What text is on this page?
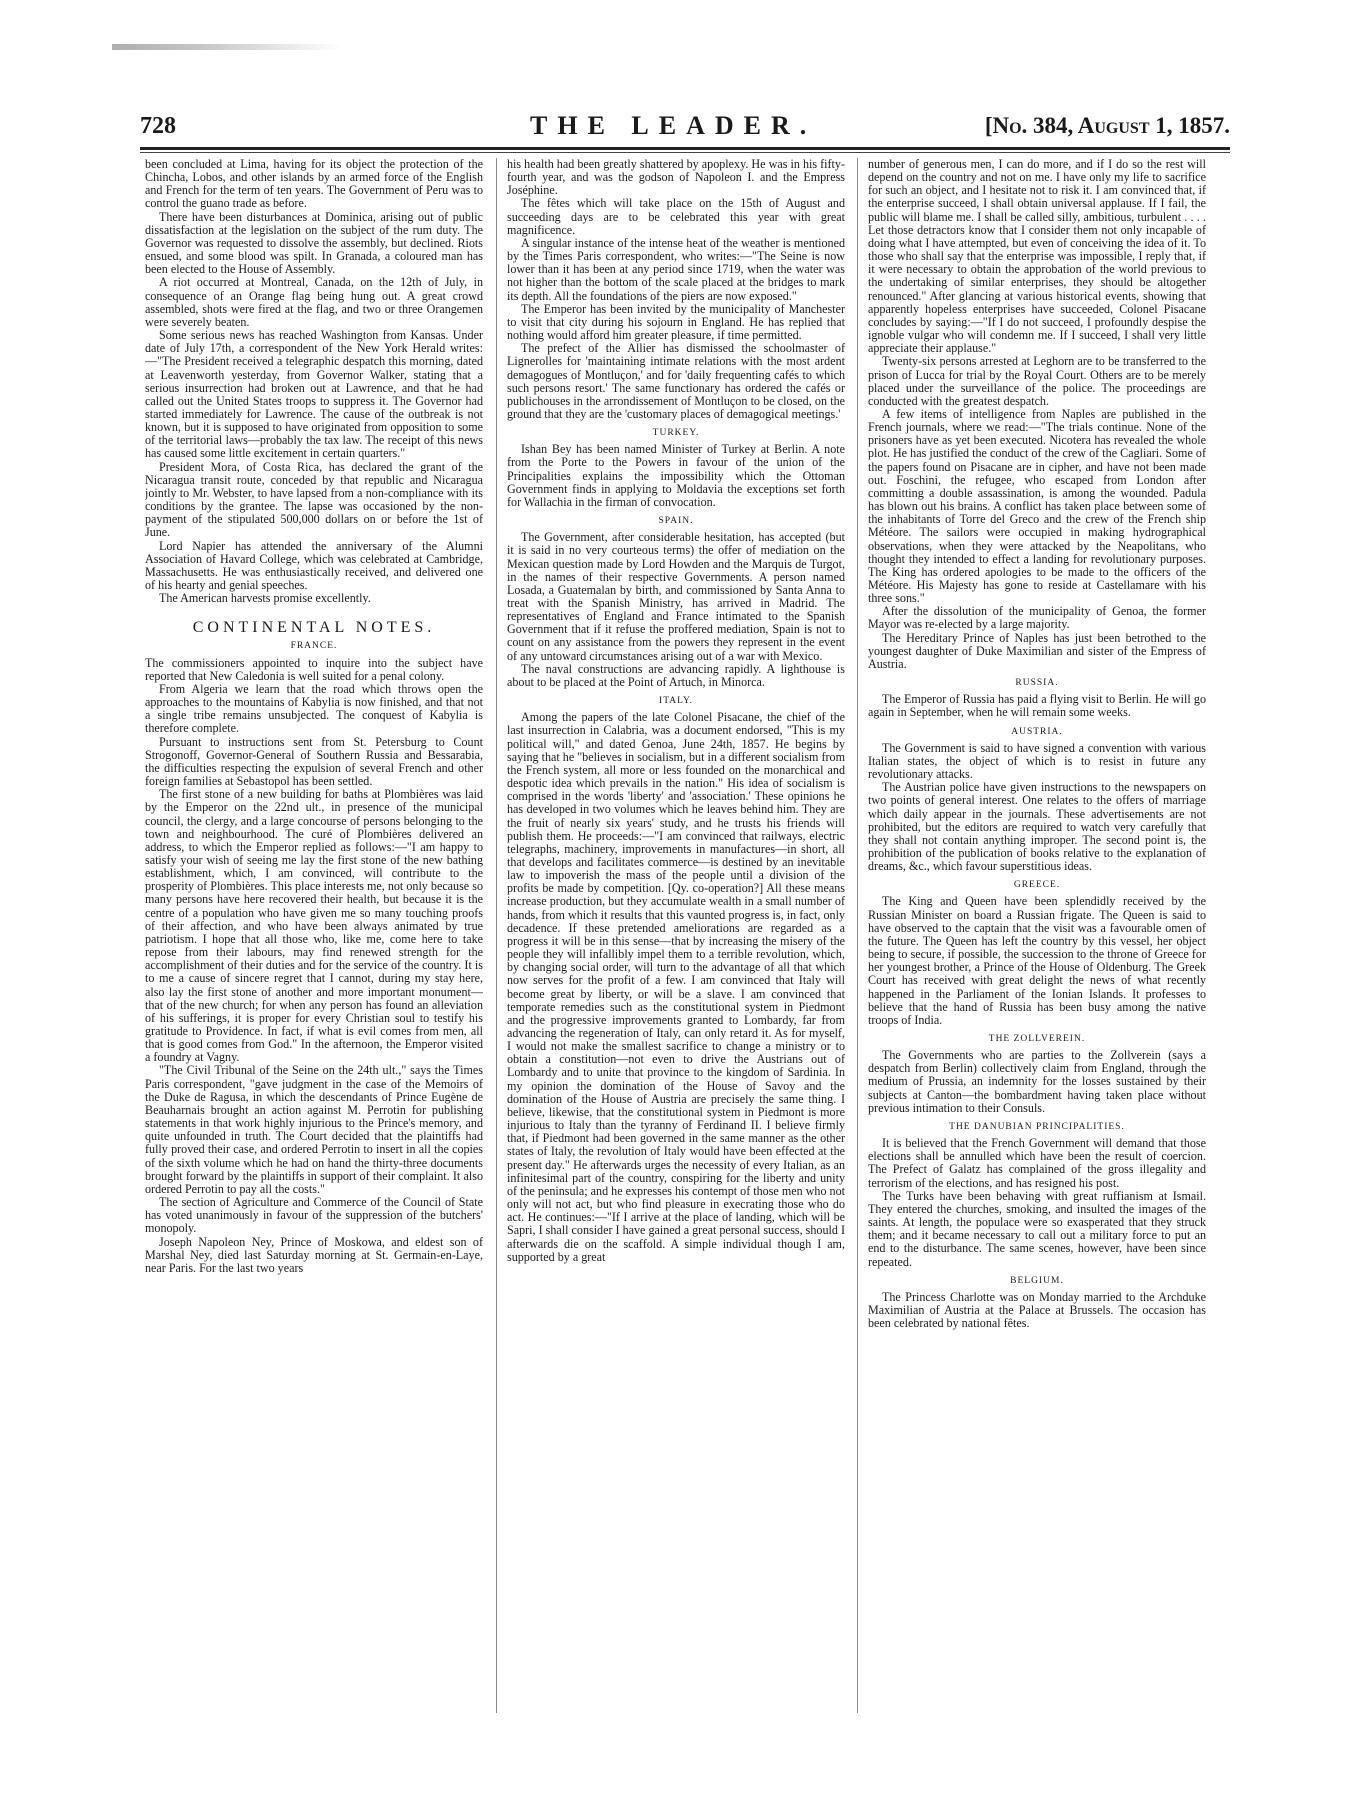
728	THE LEADER.	[No. 384, August 1, 1857.

been concluded at Lima, having for its object the protection of the Chincha, Lobos, and other islands by an armed force of the English and French for the term of ten years. The Government of Peru was to control the guano trade as before.

There have been disturbances at Dominica, arising out of public dissatisfaction at the legislation on the subject of the rum duty. The Governor was requested to dissolve the assembly, but declined. Riots ensued, and some blood was spilt. In Granada, a coloured man has been elected to the House of Assembly.

A riot occurred at Montreal, Canada, on the 12th of July, in consequence of an Orange flag being hung out. A great crowd assembled, shots were fired at the flag, and two or three Orangemen were severely beaten.

Some serious news has reached Washington from Kansas. Under date of July 17th, a correspondent of the New York Herald writes:—"The President received a telegraphic despatch this morning, dated at Leavenworth yesterday, from Governor Walker, stating that a serious insurrection had broken out at Lawrence, and that he had called out the United States troops to suppress it. The Governor had started immediately for Lawrence. The cause of the outbreak is not known, but it is supposed to have originated from opposition to some of the territorial laws—probably the tax law. The receipt of this news has caused some little excitement in certain quarters."

President Mora, of Costa Rica, has declared the grant of the Nicaragua transit route, conceded by that republic and Nicaragua jointly to Mr. Webster, to have lapsed from a non-compliance with its conditions by the grantee. The lapse was occasioned by the non-payment of the stipulated 500,000 dollars on or before the 1st of June.

Lord Napier has attended the anniversary of the Alumni Association of Havard College, which was celebrated at Cambridge, Massachusetts. He was enthusiastically received, and delivered one of his hearty and genial speeches.

The American harvests promise excellently.

CONTINENTAL NOTES.
FRANCE.

The commissioners appointed to inquire into the subject have reported that New Caledonia is well suited for a penal colony.

From Algeria we learn that the road which throws open the approaches to the mountains of Kabylia is now finished, and that not a single tribe remains unsubjected. The conquest of Kabylia is therefore complete.

Pursuant to instructions sent from St. Petersburg to Count Strogonoff, Governor-General of Southern Russia and Bessarabia, the difficulties respecting the expulsion of several French and other foreign families at Sebastopol has been settled.

The first stone of a new building for baths at Plombières was laid by the Emperor on the 22nd ult., in presence of the municipal council, the clergy, and a large concourse of persons belonging to the town and neighbourhood. The curé of Plombières delivered an address, to which the Emperor replied as follows:—"I am happy to satisfy your wish of seeing me lay the first stone of the new bathing establishment, which, I am convinced, will contribute to the prosperity of Plombières. This place interests me, not only because so many persons have here recovered their health, but because it is the centre of a population who have given me so many touching proofs of their affection, and who have been always animated by true patriotism. I hope that all those who, like me, come here to take repose from their labours, may find renewed strength for the accomplishment of their duties and for the service of the country. It is to me a cause of sincere regret that I cannot, during my stay here, also lay the first stone of another and more important monument—that of the new church; for when any person has found an alleviation of his sufferings, it is proper for every Christian soul to testify his gratitude to Providence. In fact, if what is evil comes from men, all that is good comes from God." In the afternoon, the Emperor visited a foundry at Vagny.

"The Civil Tribunal of the Seine on the 24th ult.," says the Times Paris correspondent, "gave judgment in the case of the Memoirs of the Duke de Ragusa, in which the descendants of Prince Eugène de Beauharnais brought an action against M. Perrotin for publishing statements in that work highly injurious to the Prince's memory, and quite unfounded in truth. The Court decided that the plaintiffs had fully proved their case, and ordered Perrotin to insert in all the copies of the sixth volume which he had on hand the thirty-three documents brought forward by the plaintiffs in support of their complaint. It also ordered Perrotin to pay all the costs."

The section of Agriculture and Commerce of the Council of State has voted unanimously in favour of the suppression of the butchers' monopoly.

Joseph Napoleon Ney, Prince of Moskowa, and eldest son of Marshal Ney, died last Saturday morning at St. Germain-en-Laye, near Paris. For the last two years

his health had been greatly shattered by apoplexy. He was in his fifty-fourth year, and was the godson of Napoleon I. and the Empress Joséphine.

The fêtes which will take place on the 15th of August and succeeding days are to be celebrated this year with great magnificence.

A singular instance of the intense heat of the weather is mentioned by the Times Paris correspondent, who writes:—"The Seine is now lower than it has been at any period since 1719, when the water was not higher than the bottom of the scale placed at the bridges to mark its depth. All the foundations of the piers are now exposed."

The Emperor has been invited by the municipality of Manchester to visit that city during his sojourn in England. He has replied that nothing would afford him greater pleasure, if time permitted.

The prefect of the Allier has dismissed the schoolmaster of Lignerolles for 'maintaining intimate relations with the most ardent demagogues of Montluçon,' and for 'daily frequenting cafés to which such persons resort.' The same functionary has ordered the cafés or publichouses in the arrondissement of Montluçon to be closed, on the ground that they are the 'customary places of demagogical meetings.'

TURKEY.

Ishan Bey has been named Minister of Turkey at Berlin. A note from the Porte to the Powers in favour of the union of the Principalities explains the impossibility which the Ottoman Government finds in applying to Moldavia the exceptions set forth for Wallachia in the firman of convocation.

SPAIN.

The Government, after considerable hesitation, has accepted (but it is said in no very courteous terms) the offer of mediation on the Mexican question made by Lord Howden and the Marquis de Turgot, in the names of their respective Governments. A person named Losada, a Guatemalan by birth, and commissioned by Santa Anna to treat with the Spanish Ministry, has arrived in Madrid. The representatives of England and France intimated to the Spanish Government that if it refuse the proffered mediation, Spain is not to count on any assistance from the powers they represent in the event of any untoward circumstances arising out of a war with Mexico.

The naval constructions are advancing rapidly. A lighthouse is about to be placed at the Point of Artuch, in Minorca.

ITALY.

Among the papers of the late Colonel Pisacane, the chief of the last insurrection in Calabria, was a document endorsed, "This is my political will," and dated Genoa, June 24th, 1857. He begins by saying that he "believes in socialism, but in a different socialism from the French system, all more or less founded on the monarchical and despotic idea which prevails in the nation." His idea of socialism is comprised in the words 'liberty' and 'association.' These opinions he has developed in two volumes which he leaves behind him. They are the fruit of nearly six years' study, and he trusts his friends will publish them. He proceeds:—"I am convinced that railways, electric telegraphs, machinery, improvements in manufactures—in short, all that develops and facilitates commerce—is destined by an inevitable law to impoverish the mass of the people until a division of the profits be made by competition. [Qy. co-operation?] All these means increase production, but they accumulate wealth in a small number of hands, from which it results that this vaunted progress is, in fact, only decadence. If these pretended ameliorations are regarded as a progress it will be in this sense—that by increasing the misery of the people they will infallibly impel them to a terrible revolution, which, by changing social order, will turn to the advantage of all that which now serves for the profit of a few. I am convinced that Italy will become great by liberty, or will be a slave. I am convinced that temporate remedies such as the constitutional system in Piedmont and the progressive improvements granted to Lombardy, far from advancing the regeneration of Italy, can only retard it. As for myself, I would not make the smallest sacrifice to change a ministry or to obtain a constitution—not even to drive the Austrians out of Lombardy and to unite that province to the kingdom of Sardinia. In my opinion the domination of the House of Savoy and the domination of the House of Austria are precisely the same thing. I believe, likewise, that the constitutional system in Piedmont is more injurious to Italy than the tyranny of Ferdinand II. I believe firmly that, if Piedmont had been governed in the same manner as the other states of Italy, the revolution of Italy would have been effected at the present day." He afterwards urges the necessity of every Italian, as an infinitesimal part of the country, conspiring for the liberty and unity of the peninsula; and he expresses his contempt of those men who not only will not act, but who find pleasure in execrating those who do act. He continues:—"If I arrive at the place of landing, which will be Sapri, I shall consider I have gained a great personal success, should I afterwards die on the scaffold. A simple individual though I am, supported by a great

number of generous men, I can do more, and if I do so the rest will depend on the country and not on me. I have only my life to sacrifice for such an object, and I hesitate not to risk it. I am convinced that, if the enterprise succeed, I shall obtain universal applause. If I fail, the public will blame me. I shall be called silly, ambitious, turbulent . . . . Let those detractors know that I consider them not only incapable of doing what I have attempted, but even of conceiving the idea of it. To those who shall say that the enterprise was impossible, I reply that, if it were necessary to obtain the approbation of the world previous to the undertaking of similar enterprises, they should be altogether renounced." After glancing at various historical events, showing that apparently hopeless enterprises have succeeded, Colonel Pisacane concludes by saying:—"If I do not succeed, I profoundly despise the ignoble vulgar who will condemn me. If I succeed, I shall very little appreciate their applause."

Twenty-six persons arrested at Leghorn are to be transferred to the prison of Lucca for trial by the Royal Court. Others are to be merely placed under the surveillance of the police. The proceedings are conducted with the greatest despatch.

A few items of intelligence from Naples are published in the French journals, where we read:—"The trials continue. None of the prisoners have as yet been executed. Nicotera has revealed the whole plot. He has justified the conduct of the crew of the Cagliari. Some of the papers found on Pisacane are in cipher, and have not been made out. Foschini, the refugee, who escaped from London after committing a double assassination, is among the wounded. Padula has blown out his brains. A conflict has taken place between some of the inhabitants of Torre del Greco and the crew of the French ship Météore. The sailors were occupied in making hydrographical observations, when they were attacked by the Neapolitans, who thought they intended to effect a landing for revolutionary purposes. The King has ordered apologies to be made to the officers of the Météore. His Majesty has gone to reside at Castellamare with his three sons."

After the dissolution of the municipality of Genoa, the former Mayor was re-elected by a large majority.

The Hereditary Prince of Naples has just been betrothed to the youngest daughter of Duke Maximilian and sister of the Empress of Austria.

RUSSIA.

The Emperor of Russia has paid a flying visit to Berlin. He will go again in September, when he will remain some weeks.

AUSTRIA.

The Government is said to have signed a convention with various Italian states, the object of which is to resist in future any revolutionary attacks.

The Austrian police have given instructions to the newspapers on two points of general interest. One relates to the offers of marriage which daily appear in the journals. These advertisements are not prohibited, but the editors are required to watch very carefully that they shall not contain anything improper. The second point is, the prohibition of the publication of books relative to the explanation of dreams, &c., which favour superstitious ideas.

GREECE.

The King and Queen have been splendidly received by the Russian Minister on board a Russian frigate. The Queen is said to have observed to the captain that the visit was a favourable omen of the future. The Queen has left the country by this vessel, her object being to secure, if possible, the succession to the throne of Greece for her youngest brother, a Prince of the House of Oldenburg. The Greek Court has received with great delight the news of what recently happened in the Parliament of the Ionian Islands. It professes to believe that the hand of Russia has been busy among the native troops of India.

THE ZOLLVEREIN.

The Governments who are parties to the Zollverein (says a despatch from Berlin) collectively claim from England, through the medium of Prussia, an indemnity for the losses sustained by their subjects at Canton—the bombardment having taken place without previous intimation to their Consuls.

THE DANUBIAN PRINCIPALITIES.

It is believed that the French Government will demand that those elections shall be annulled which have been the result of coercion. The Prefect of Galatz has complained of the gross illegality and terrorism of the elections, and has resigned his post.

The Turks have been behaving with great ruffianism at Ismail. They entered the churches, smoking, and insulted the images of the saints. At length, the populace were so exasperated that they struck them; and it became necessary to call out a military force to put an end to the disturbance. The same scenes, however, have been since repeated.

BELGIUM.

The Princess Charlotte was on Monday married to the Archduke Maximilian of Austria at the Palace at Brussels. The occasion has been celebrated by national fêtes.
